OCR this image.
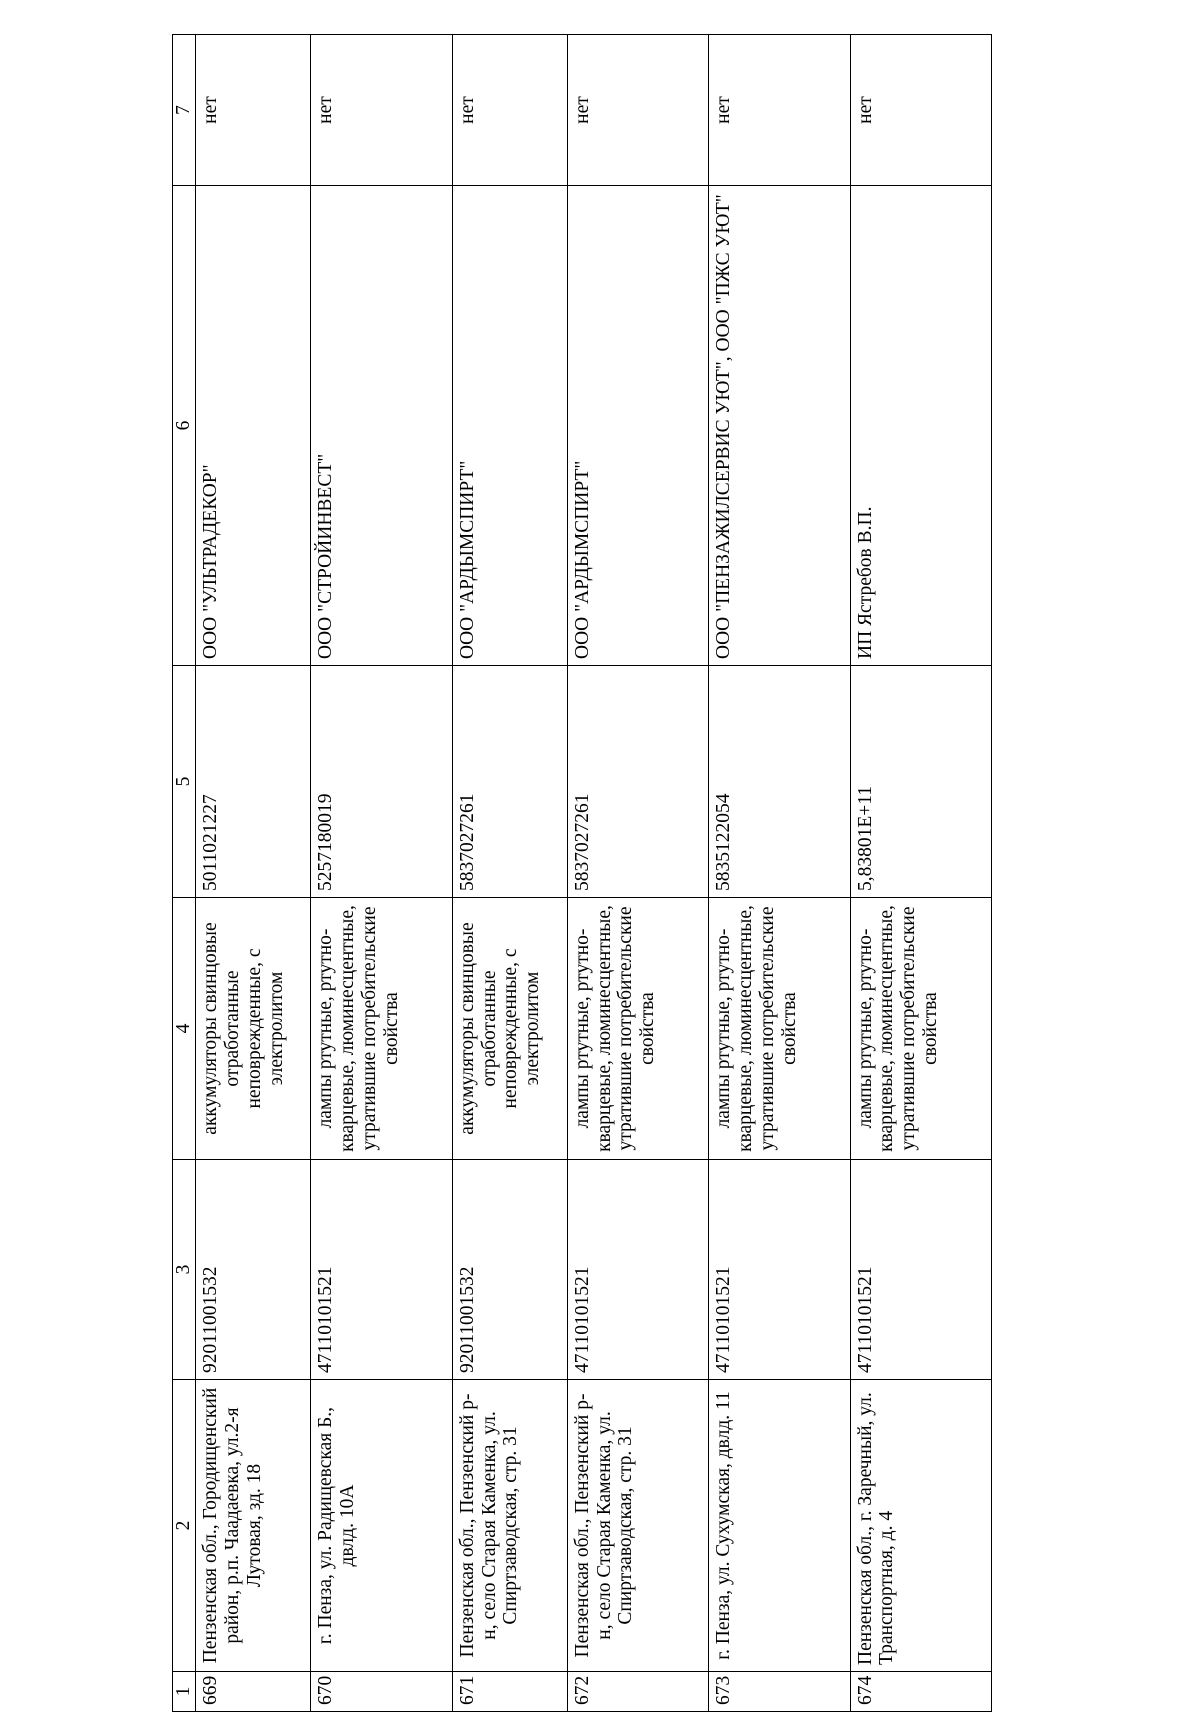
1	2	3	4	5	6	7
669	Пензенская обл., Городищенский район, р.п. Чаадаевка, ул.2-я Лутовая, зд. 18	92011001532	аккумуляторы свинцовые отработанные неповрежденные, с электролитом	5011021227	ООО "УЛЬТРАДЕКОР"	нет
670	г. Пенза, ул. Радищевская Б., двлд. 10А	47110101521	лампы ртутные, ртутно-кварцевые, люминесцентные, утратившие потребительские свойства	5257180019	ООО "СТРОЙИНВЕСТ"	нет
671	Пензенская обл., Пензенский р-н, село Старая Каменка, ул. Спиртзаводская, стр. 31	92011001532	аккумуляторы свинцовые отработанные неповрежденные, с электролитом	5837027261	ООО "АРДЫМСПИРТ"	нет
672	Пензенская обл., Пензенский р-н, село Старая Каменка, ул. Спиртзаводская, стр. 31	47110101521	лампы ртутные, ртутно-кварцевые, люминесцентные, утратившие потребительские свойства	5837027261	ООО "АРДЫМСПИРТ"	нет
673	г. Пенза, ул. Сухумская, двлд. 11	47110101521	лампы ртутные, ртутно-кварцевые, люминесцентные, утратившие потребительские свойства	5835122054	ООО "ПЕНЗАЖИЛСЕРВИС УЮТ", ООО "ПЖС УЮТ"	нет
674	Пензенская обл., г. Заречный, ул. Транспортная, д. 4	47110101521	лампы ртутные, ртутно-кварцевые, люминесцентные, утратившие потребительские свойства	5,83801E+11	ИП Ястребов В.П.	нет
